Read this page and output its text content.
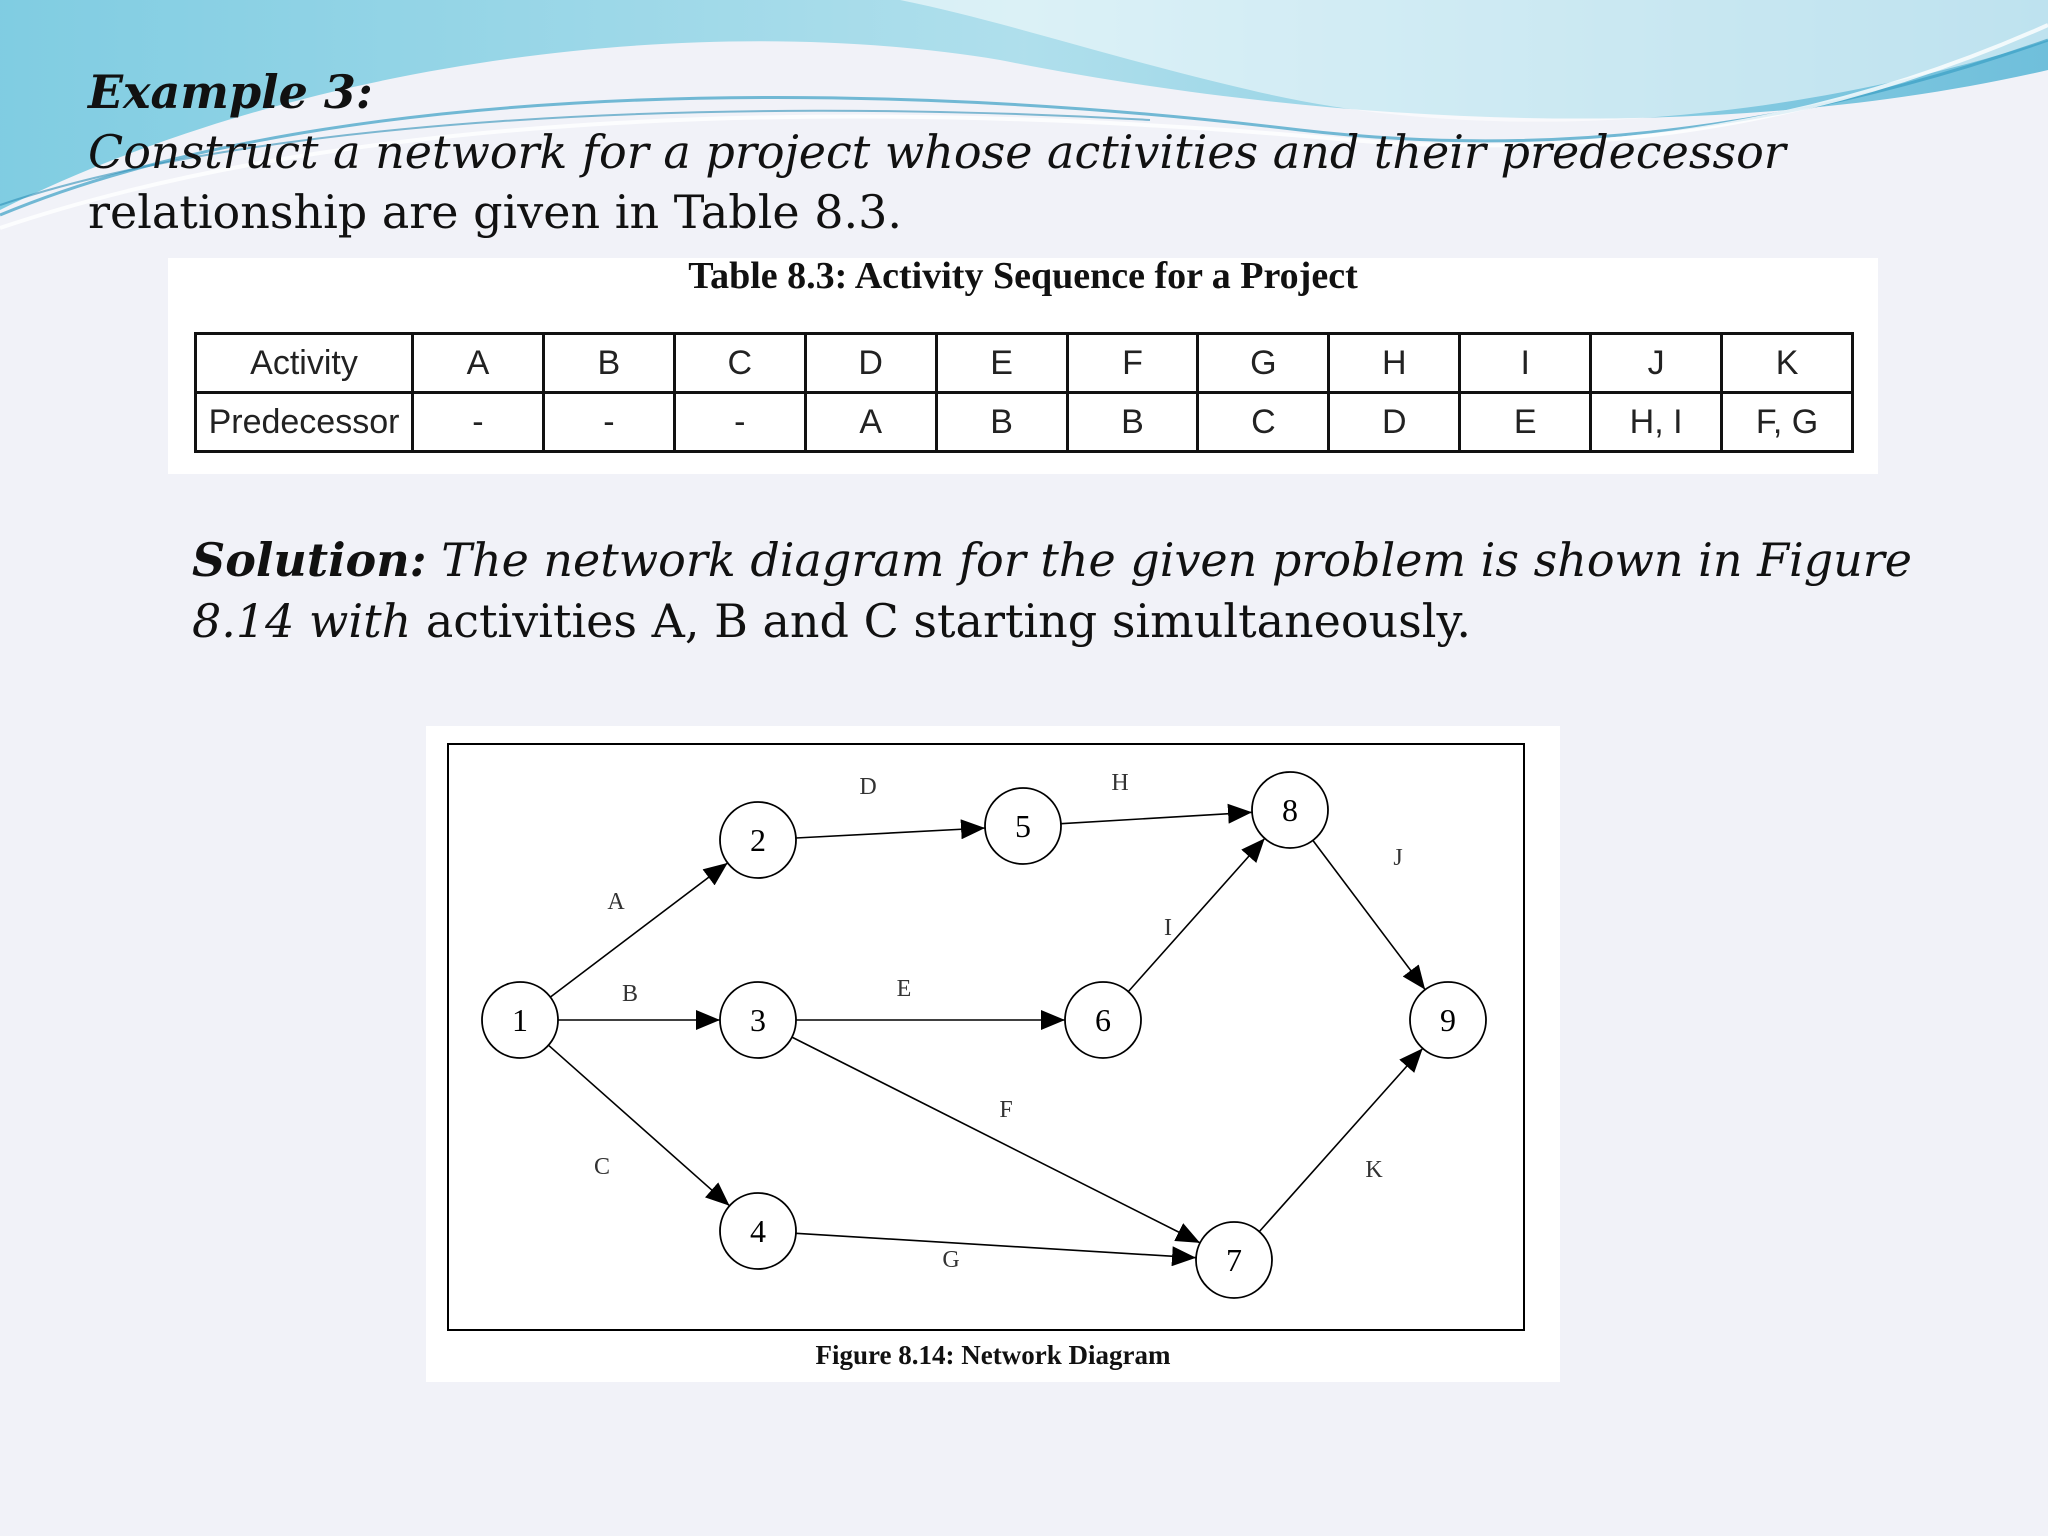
Example 3:
Construct a network for a project whose activities and their predecessor relationship are given in Table 8.3.
Table 8.3: Activity Sequence for a Project
Activity	A	B	C	D	E	F	G	H	I	J	K
Predecessor	-	-	-	A	B	B	C	D	E	H, I	F, G
Solution: The network diagram for the given problem is shown in Figure 8.14 with activities A, B and C starting simultaneously.
A
B
C
D
E
F
G
H
I
J
K
1
2
3
4
5
6
7
8
9
Figure 8.14: Network Diagram
